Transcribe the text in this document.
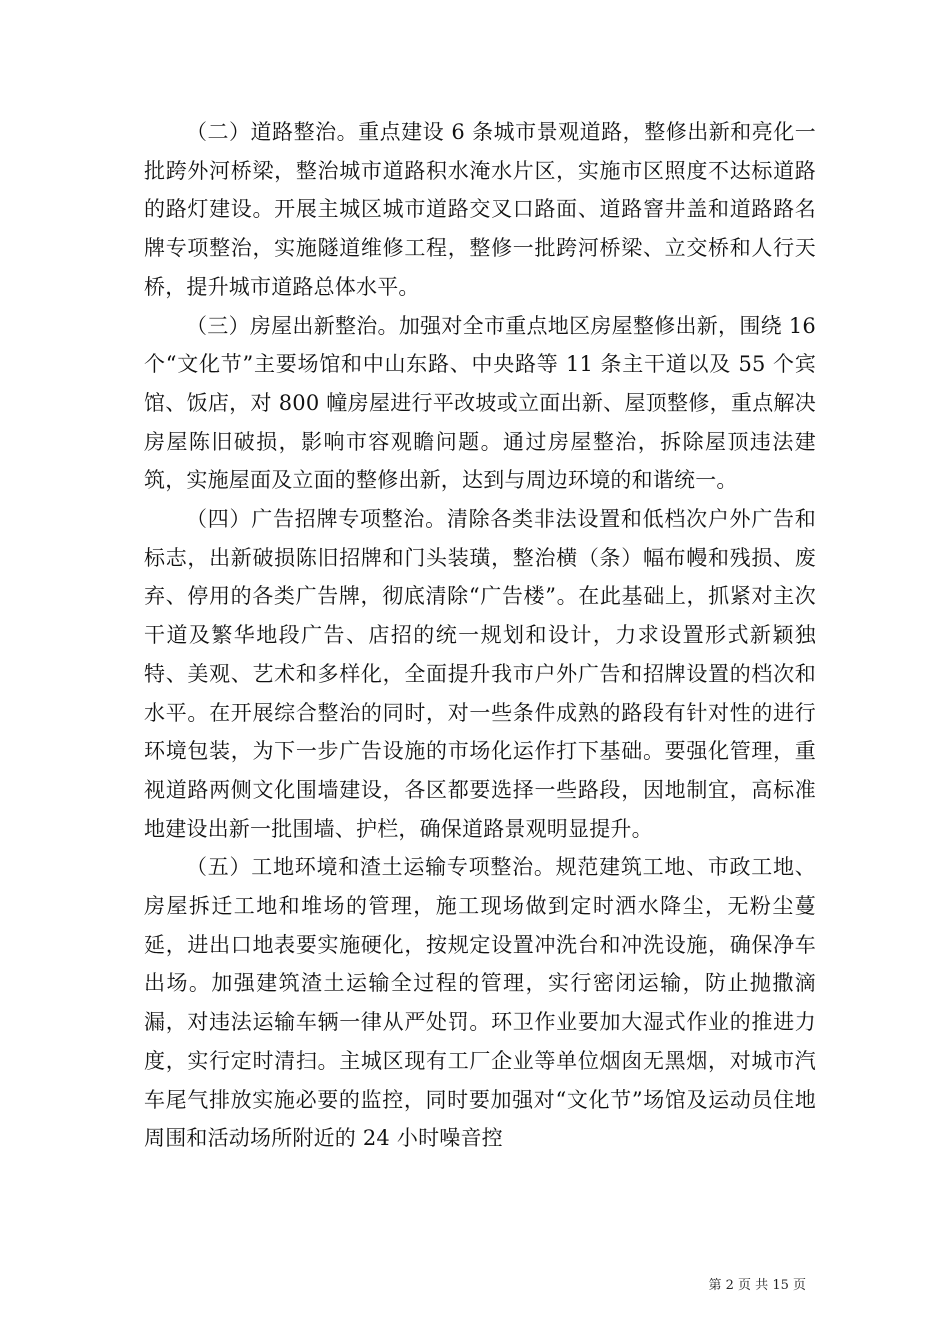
（二）道路整治。重点建设 6 条城市景观道路，整修出新和亮化一批跨外河桥梁，整治城市道路积水淹水片区，实施市区照度不达标道路的路灯建设。开展主城区城市道路交叉口路面、道路窨井盖和道路路名牌专项整治，实施隧道维修工程，整修一批跨河桥梁、立交桥和人行天桥，提升城市道路总体水平。

（三）房屋出新整治。加强对全市重点地区房屋整修出新，围绕 16 个“文化节”主要场馆和中山东路、中央路等 11 条主干道以及 55 个宾馆、饭店，对 800 幢房屋进行平改坡或立面出新、屋顶整修，重点解决房屋陈旧破损，影响市容观瞻问题。通过房屋整治，拆除屋顶违法建筑，实施屋面及立面的整修出新，达到与周边环境的和谐统一。

（四）广告招牌专项整治。清除各类非法设置和低档次户外广告和标志，出新破损陈旧招牌和门头装璜，整治横（条）幅布幔和残损、废弃、停用的各类广告牌，彻底清除“广告楼”。在此基础上，抓紧对主次干道及繁华地段广告、店招的统一规划和设计，力求设置形式新颖独特、美观、艺术和多样化，全面提升我市户外广告和招牌设置的档次和水平。在开展综合整治的同时，对一些条件成熟的路段有针对性的进行环境包装，为下一步广告设施的市场化运作打下基础。要强化管理，重视道路两侧文化围墙建设，各区都要选择一些路段，因地制宜，高标准地建设出新一批围墙、护栏，确保道路景观明显提升。

（五）工地环境和渣土运输专项整治。规范建筑工地、市政工地、房屋拆迁工地和堆场的管理，施工现场做到定时洒水降尘，无粉尘蔓延，进出口地表要实施硬化，按规定设置冲洗台和冲洗设施，确保净车出场。加强建筑渣土运输全过程的管理，实行密闭运输，防止抛撒滴漏，对违法运输车辆一律从严处罚。环卫作业要加大湿式作业的推进力度，实行定时清扫。主城区现有工厂企业等单位烟囱无黑烟，对城市汽车尾气排放实施必要的监控，同时要加强对“文化节”场馆及运动员住地周围和活动场所附近的 24 小时噪音控

第 2 页 共 15 页
